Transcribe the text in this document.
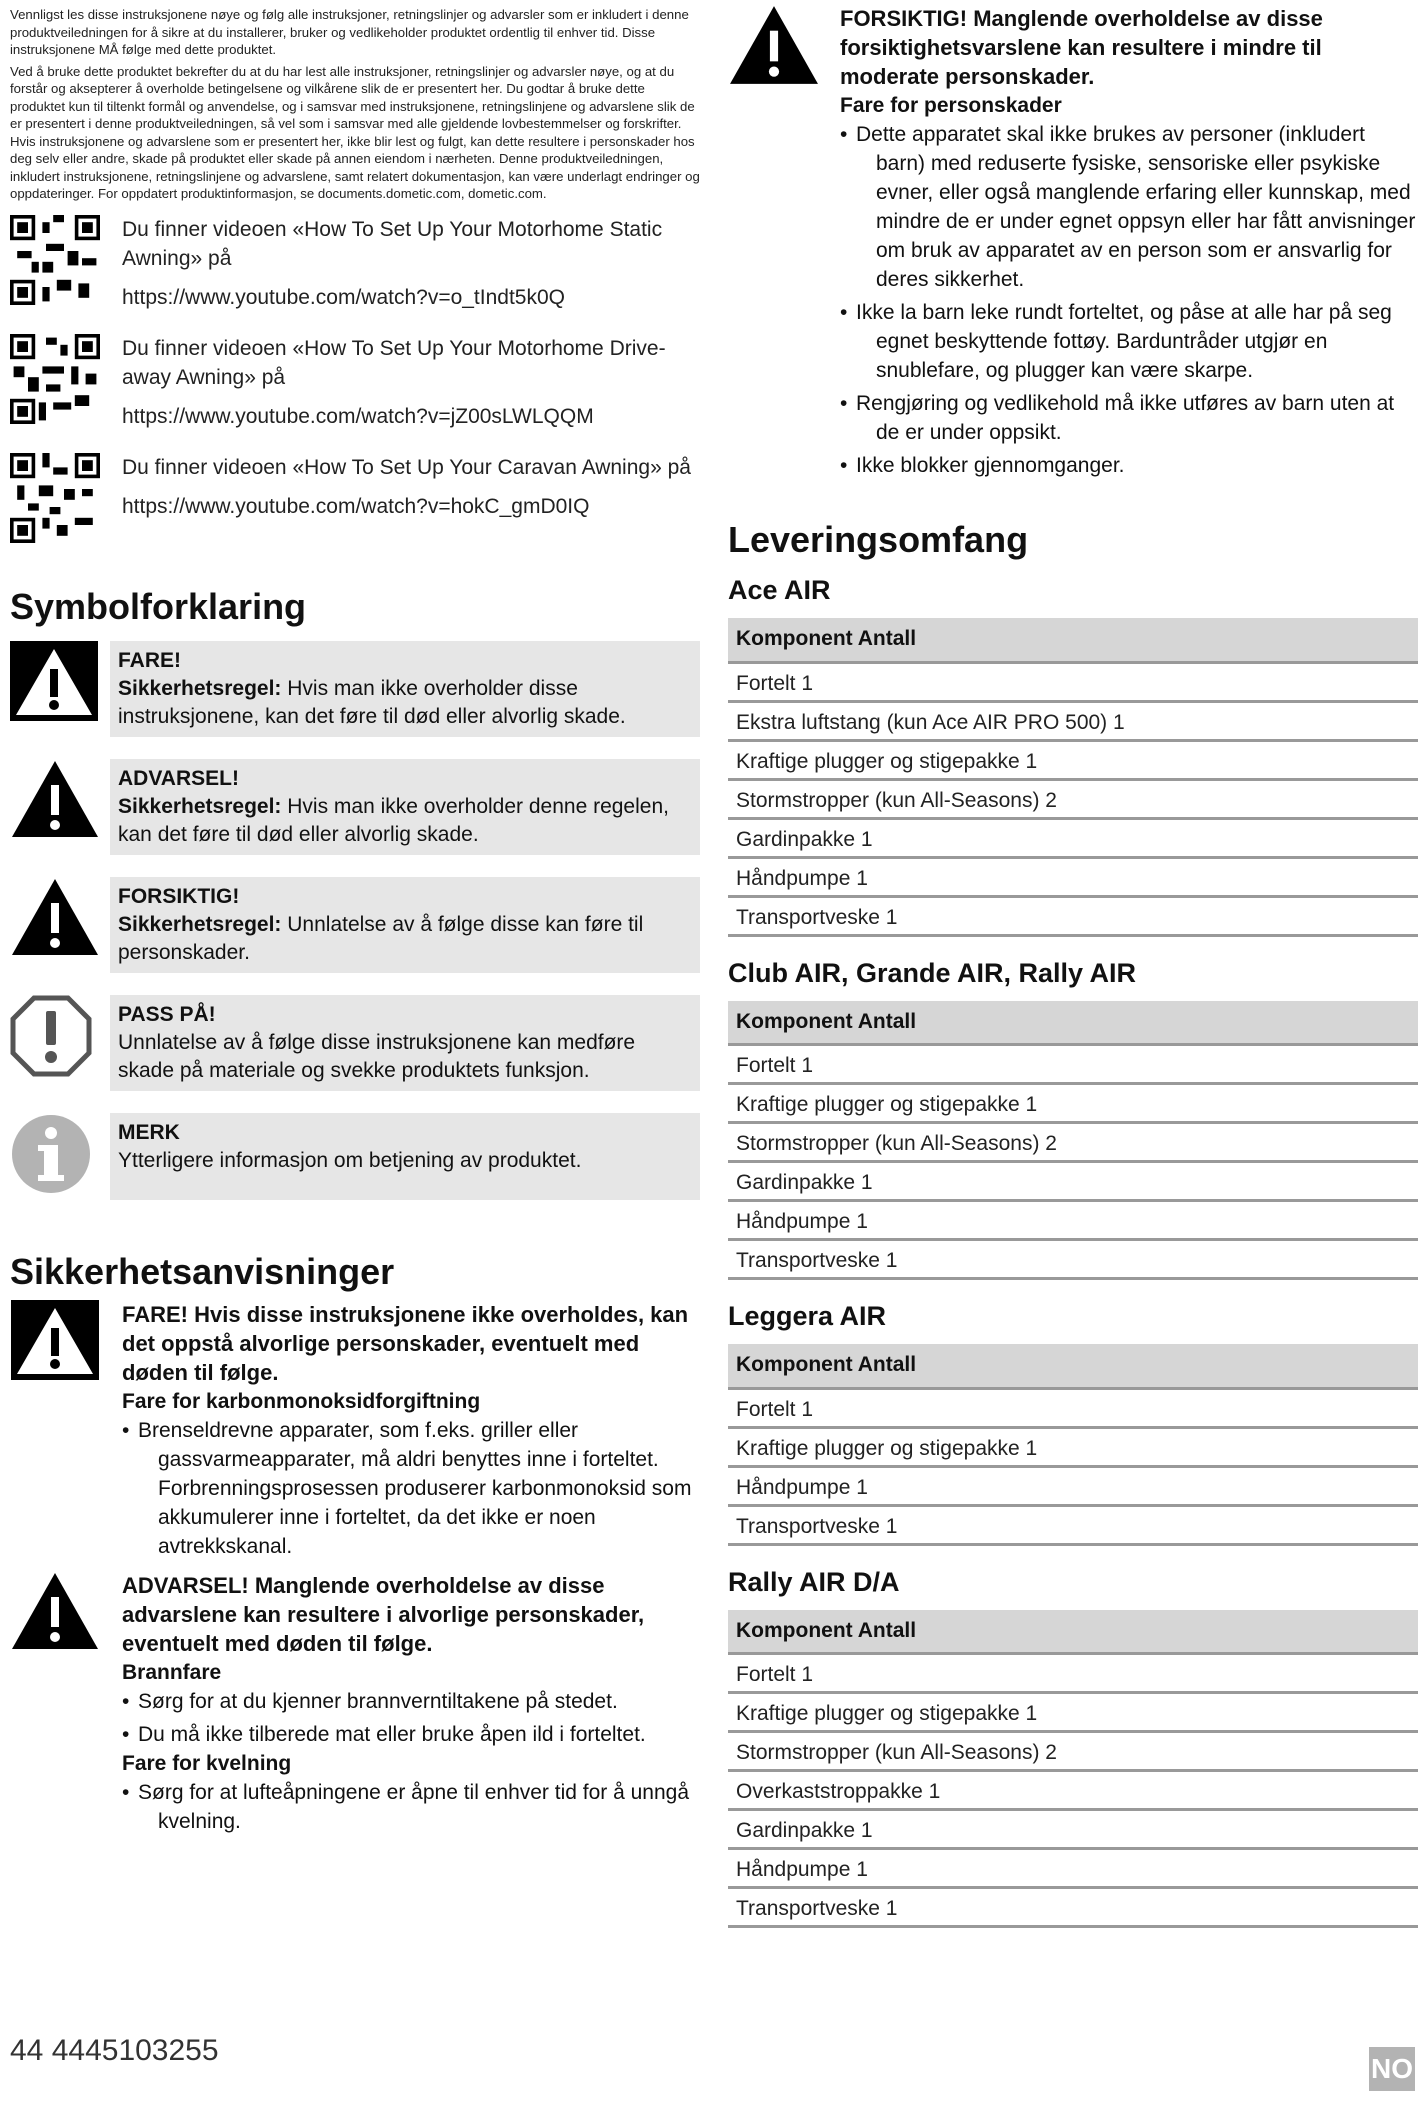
Vennligst les disse instruksjonene nøye og følg alle instruksjoner, retningslinjer og advarsler som er inkludert i denne produktveiledningen for å sikre at du installerer, bruker og vedlikeholder produktet ordentlig til enhver tid. Disse instruksjonene MÅ følge med dette produktet.

Ved å bruke dette produktet bekrefter du at du har lest alle instruksjoner, retningslinjer og advarsler nøye, og at du forstår og aksepterer å overholde betingelsene og vilkårene slik de er presentert her. Du godtar å bruke dette produktet kun til tiltenkt formål og anvendelse, og i samsvar med instruksjonene, retningslinjene og advarslene slik de er presentert i denne produktveiledningen, så vel som i samsvar med alle gjeldende lovbestemmelser og forskrifter. Hvis instruksjonene og advarslene som er presentert her, ikke blir lest og fulgt, kan dette resultere i personskader hos deg selv eller andre, skade på produktet eller skade på annen eiendom i nærheten. Denne produktveiledningen, inkludert instruksjonene, retningslinjene og advarslene, samt relatert dokumentasjon, kan være underlagt endringer og oppdateringer. For oppdatert produktinformasjon, se documents.dometic.com, dometic.com.

Du finner videoen «How To Set Up Your Motorhome Static Awning» på
https://www.youtube.com/watch?v=o_tIndt5k0Q
Du finner videoen «How To Set Up Your Motorhome Drive-away Awning» på
https://www.youtube.com/watch?v=jZ00sLWLQQM
Du finner videoen «How To Set Up Your Caravan Awning» på
https://www.youtube.com/watch?v=hokC_gmD0IQ
Symbolforklaring
FARE!
Sikkerhetsregel: Hvis man ikke overholder disse instruksjonene, kan det føre til død eller alvorlig skade.
ADVARSEL!
Sikkerhetsregel: Hvis man ikke overholder denne regelen, kan det føre til død eller alvorlig skade.
FORSIKTIG!
Sikkerhetsregel: Unnlatelse av å følge disse kan føre til personskader.
PASS PÅ!
Unnlatelse av å følge disse instruksjonene kan medføre skade på materiale og svekke produktets funksjon.
MERK
Ytterligere informasjon om betjening av produktet.
Sikkerhetsanvisninger
FARE! Hvis disse instruksjonene ikke overholdes, kan det oppstå alvorlige personskader, eventuelt med døden til følge.
Fare for karbonmonoksidforgiftning
• Brenseldrevne apparater, som f.eks. griller eller gassvarmeapparater, må aldri benyttes inne i forteltet. Forbrenningsprosessen produserer karbonmonoksid som akkumulerer inne i forteltet, da det ikke er noen avtrekkskanal.
ADVARSEL! Manglende overholdelse av disse advarslene kan resultere i alvorlige personskader, eventuelt med døden til følge.
Brannfare
• Sørg for at du kjenner brannverntiltakene på stedet.
• Du må ikke tilberede mat eller bruke åpen ild i forteltet.
Fare for kvelning
• Sørg for at lufteåpningene er åpne til enhver tid for å unngå kvelning.
FORSIKTIG! Manglende overholdelse av disse forsiktighetsvarslene kan resultere i mindre til moderate personskader.
Fare for personskader
• Dette apparatet skal ikke brukes av personer (inkludert barn) med reduserte fysiske, sensoriske eller psykiske evner, eller også manglende erfaring eller kunnskap, med mindre de er under egnet oppsyn eller har fått anvisninger om bruk av apparatet av en person som er ansvarlig for deres sikkerhet.
• Ikke la barn leke rundt forteltet, og påse at alle har på seg egnet beskyttende fottøy. Barduntråder utgjør en snublefare, og plugger kan være skarpe.
• Rengjøring og vedlikehold må ikke utføres av barn uten at de er under oppsikt.
• Ikke blokker gjennomganger.
Leveringsomfang
Ace AIR
Komponent Antall
Fortelt 1
Ekstra luftstang (kun Ace AIR PRO 500) 1
Kraftige plugger og stigepakke 1
Stormstropper (kun All-Seasons) 2
Gardinpakke 1
Håndpumpe 1
Transportveske 1
Club AIR, Grande AIR, Rally AIR
Komponent Antall
Fortelt 1
Kraftige plugger og stigepakke 1
Stormstropper (kun All-Seasons) 2
Gardinpakke 1
Håndpumpe 1
Transportveske 1
Leggera AIR
Komponent Antall
Fortelt 1
Kraftige plugger og stigepakke 1
Håndpumpe 1
Transportveske 1
Rally AIR D/A
Komponent Antall
Fortelt 1
Kraftige plugger og stigepakke 1
Stormstropper (kun All-Seasons) 2
Overkaststroppakke 1
Gardinpakke 1
Håndpumpe 1
Transportveske 1
44 4445103255
NO
